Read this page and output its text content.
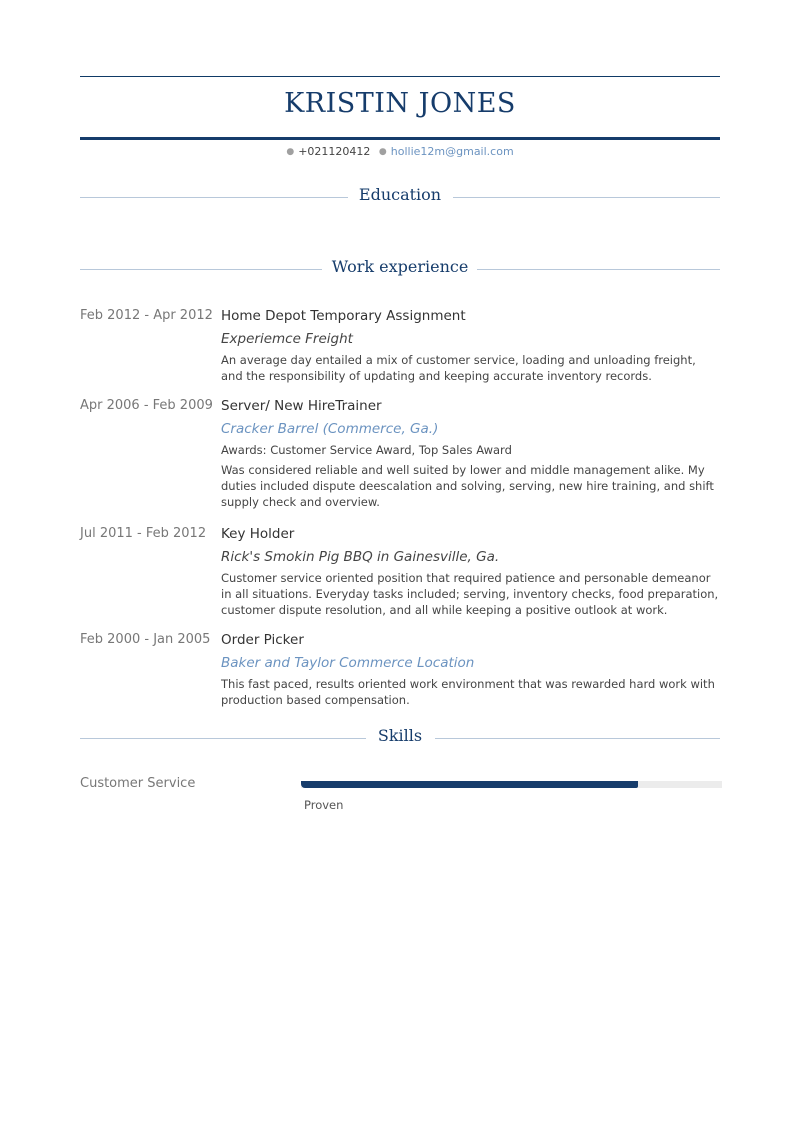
KRISTIN JONES
● +021120412 ● hollie12m@gmail.com
Education
Work experience
Feb 2012 - Apr 2012 Home Depot Temporary Assignment
Experiemce Freight
An average day entailed a mix of customer service, loading and unloading freight, and the responsibility of updating and keeping accurate inventory records.
Apr 2006 - Feb 2009 Server/ New HireTrainer
Cracker Barrel (Commerce, Ga.)
Awards: Customer Service Award, Top Sales Award
Was considered reliable and well suited by lower and middle management alike. My duties included dispute deescalation and solving, serving, new hire training, and shift supply check and overview.
Jul 2011 - Feb 2012	Key Holder
Rick's Smokin Pig BBQ in Gainesville, Ga.
Customer service oriented position that required patience and personable demeanor in all situations. Everyday tasks included; serving, inventory checks, food preparation, customer dispute resolution, and all while keeping a positive outlook at work.
Feb 2000 - Jan 2005 Order Picker
Baker and Taylor Commerce Location
This fast paced, results oriented work environment that was rewarded hard work with production based compensation.
Skills
Customer Service
Proven
